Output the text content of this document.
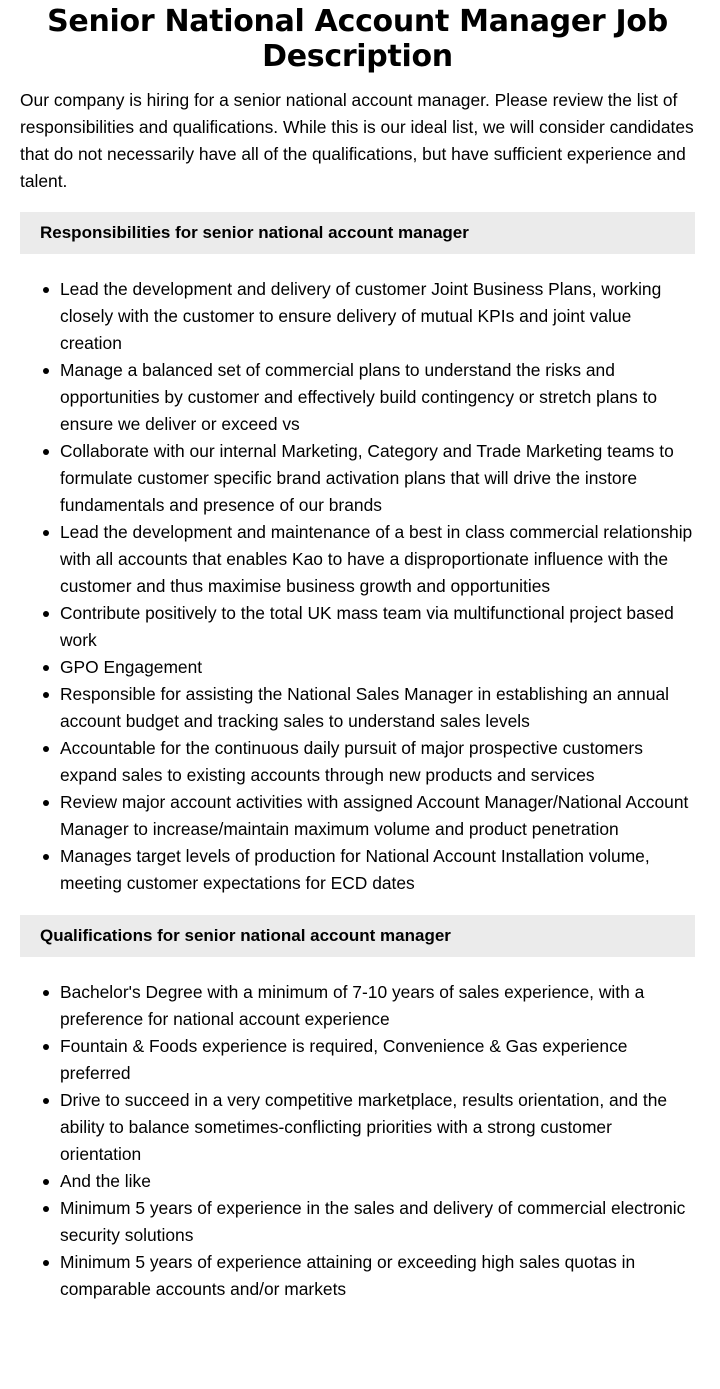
Senior National Account Manager Job Description

Our company is hiring for a senior national account manager. Please review the list of responsibilities and qualifications. While this is our ideal list, we will consider candidates that do not necessarily have all of the qualifications, but have sufficient experience and talent.

Responsibilities for senior national account manager
Lead the development and delivery of customer Joint Business Plans, working closely with the customer to ensure delivery of mutual KPIs and joint value creation
Manage a balanced set of commercial plans to understand the risks and opportunities by customer and effectively build contingency or stretch plans to ensure we deliver or exceed vs
Collaborate with our internal Marketing, Category and Trade Marketing teams to formulate customer specific brand activation plans that will drive the instore fundamentals and presence of our brands
Lead the development and maintenance of a best in class commercial relationship with all accounts that enables Kao to have a disproportionate influence with the customer and thus maximise business growth and opportunities
Contribute positively to the total UK mass team via multifunctional project based work
GPO Engagement
Responsible for assisting the National Sales Manager in establishing an annual account budget and tracking sales to understand sales levels
Accountable for the continuous daily pursuit of major prospective customers expand sales to existing accounts through new products and services
Review major account activities with assigned Account Manager/National Account Manager to increase/maintain maximum volume and product penetration
Manages target levels of production for National Account Installation volume, meeting customer expectations for ECD dates
Qualifications for senior national account manager
Bachelor's Degree with a minimum of 7-10 years of sales experience, with a preference for national account experience
Fountain & Foods experience is required, Convenience & Gas experience preferred
Drive to succeed in a very competitive marketplace, results orientation, and the ability to balance sometimes-conflicting priorities with a strong customer orientation
And the like
Minimum 5 years of experience in the sales and delivery of commercial electronic security solutions
Minimum 5 years of experience attaining or exceeding high sales quotas in comparable accounts and/or markets
